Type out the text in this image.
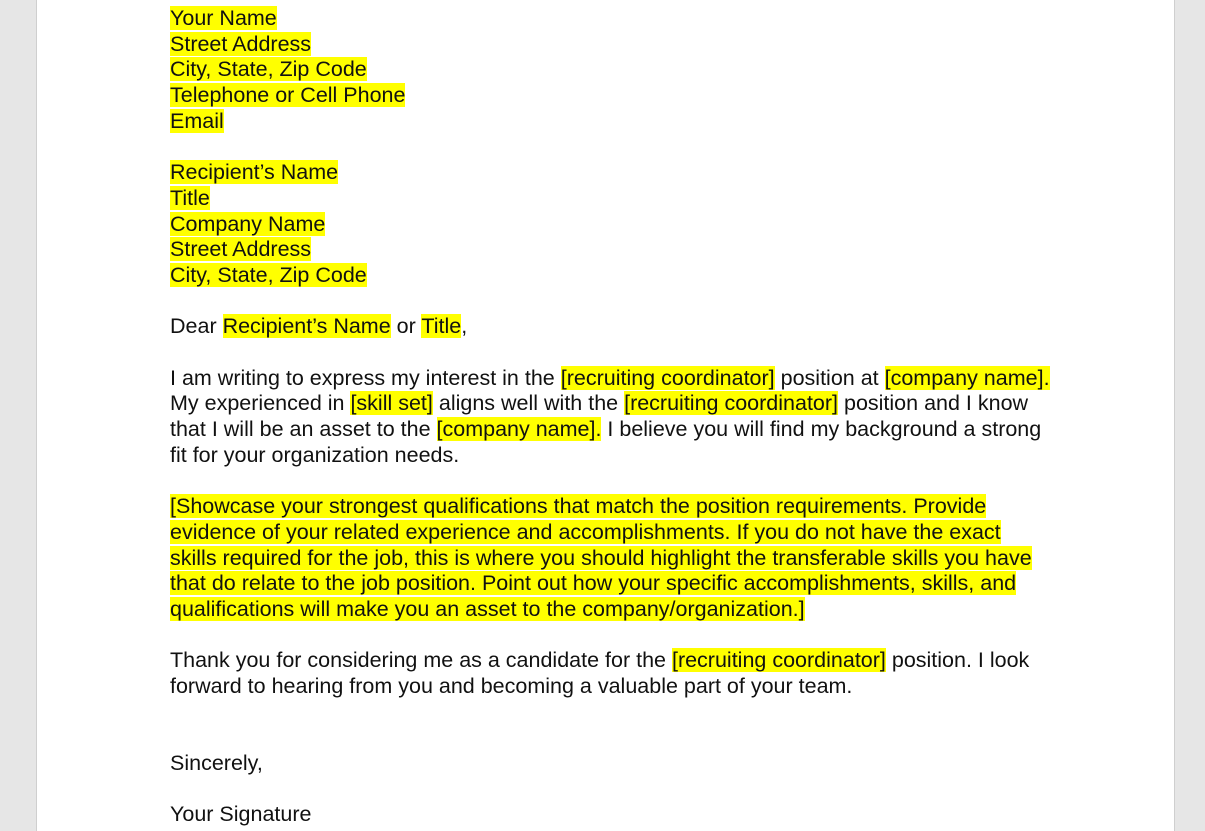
Your Name
Street Address
City, State, Zip Code
Telephone or Cell Phone
Email
Recipient’s Name
Title
Company Name
Street Address
City, State, Zip Code
Dear Recipient’s Name or Title,
I am writing to express my interest in the [recruiting coordinator] position at [company name]. My experienced in [skill set] aligns well with the [recruiting coordinator] position and I know that I will be an asset to the [company name]. I believe you will find my background a strong fit for your organization needs.
[Showcase your strongest qualifications that match the position requirements. Provide evidence of your related experience and accomplishments. If you do not have the exact skills required for the job, this is where you should highlight the transferable skills you have that do relate to the job position. Point out how your specific accomplishments, skills, and qualifications will make you an asset to the company/organization.]
Thank you for considering me as a candidate for the [recruiting coordinator] position. I look forward to hearing from you and becoming a valuable part of your team.
Sincerely,
Your Signature
